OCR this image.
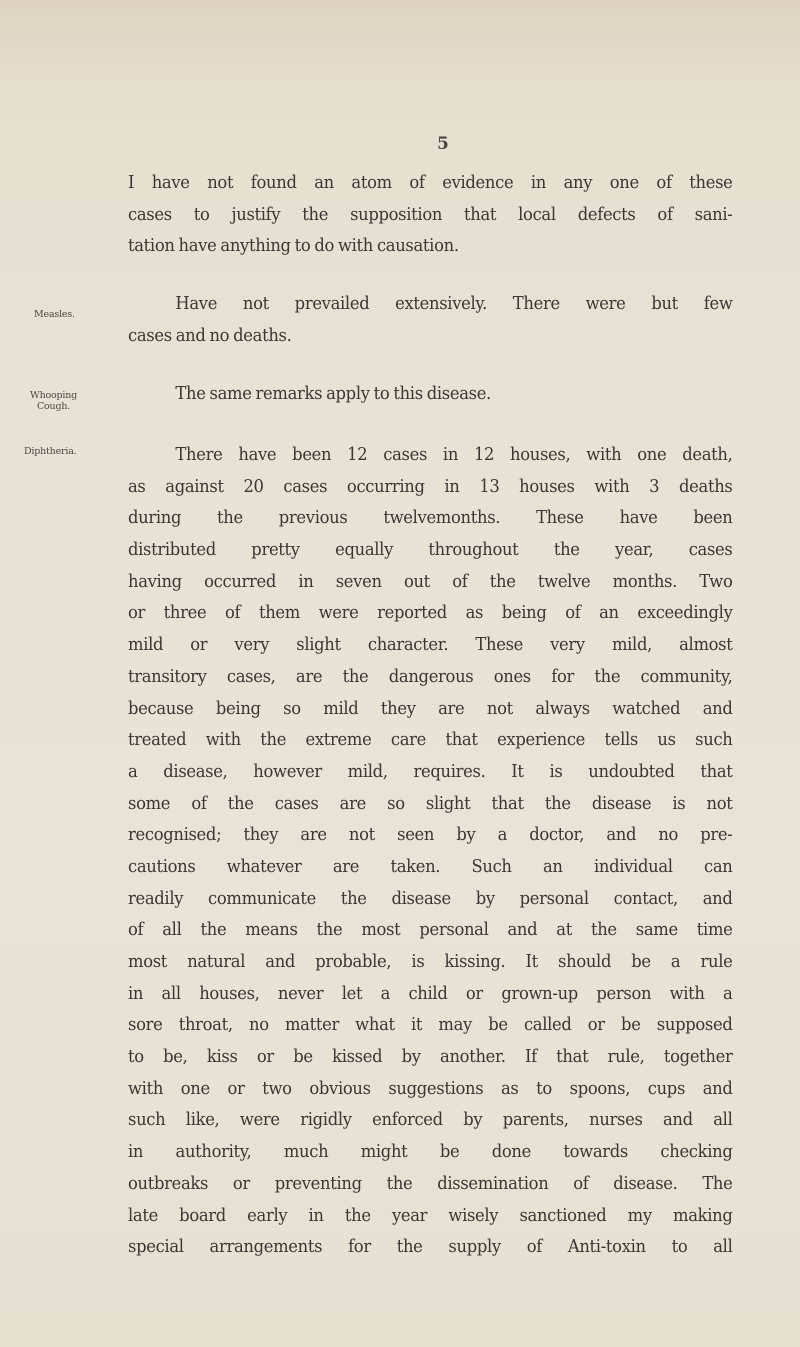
5
I have not found an atom of evidence in any one of these
cases to justify the supposition that local defects of sani-
tation have anything to do with causation.
Measles.
Have not prevailed extensively. There were but few
cases and no deaths.
Whooping
Cough.
The same remarks apply to this disease.
Diphtheria.	There have been 12 cases in 12 houses, with one death,
as against 20 cases occurring in 13 houses with 3 deaths
during the previous twelvemonths. These have been
distributed pretty equally throughout the year, cases
having occurred in seven out of the twelve months. Two
or three of them were reported as being of an exceedingly
mild or very slight character. These very mild, almost
transitory cases, are the dangerous ones for the community,
because being so mild they are not always watched and
treated with the extreme care that experience tells us such
a disease, however mild, requires. It is undoubted that
some of the cases are so slight that the disease is not
recognised; they are not seen by a doctor, and no pre-
cautions whatever are taken. Such an individual can
readily communicate the disease by personal contact, and
of all the means the most personal and at the same time
most natural and probable, is kissing. It should be a rule
in all houses, never let a child or grown-up person with a
sore throat, no matter what it may be called or be supposed
to be, kiss or be kissed by another. If that rule, together
with one or two obvious suggestions as to spoons, cups and
such like, were rigidly enforced by parents, nurses and all
in authority, much might be done towards checking
outbreaks or preventing the dissemination of disease. The
late board early in the year wisely sanctioned my making
special arrangements for the supply of Anti-toxin to all
